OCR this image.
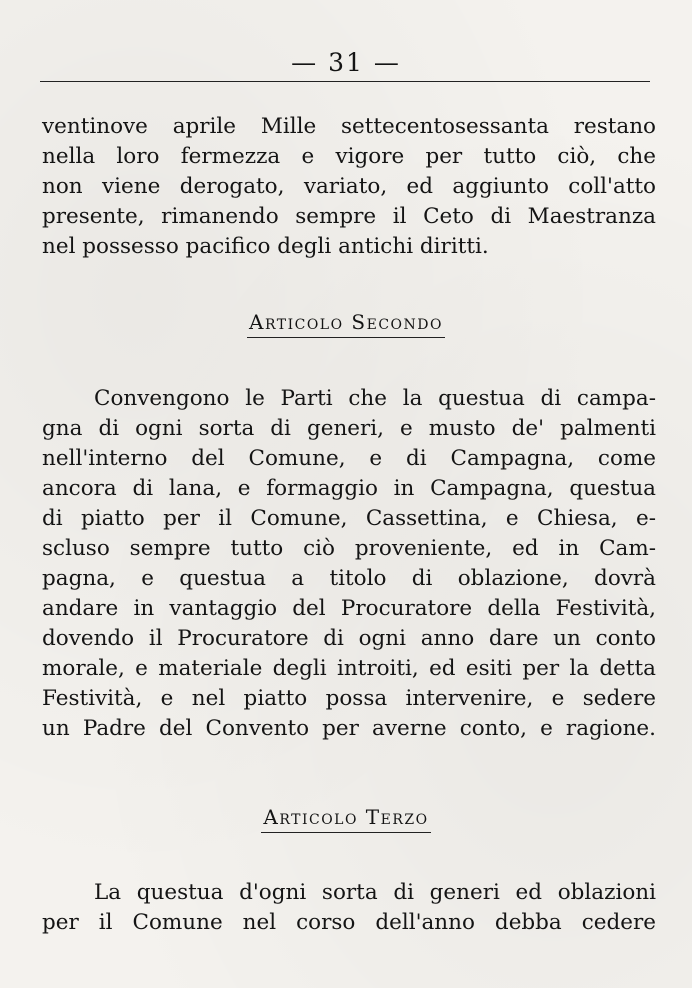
— 31 —
ventinove aprile Mille settecentosessanta restano
nella loro fermezza e vigore per tutto ciò, che
non viene derogato, variato, ed aggiunto coll'atto
presente, rimanendo sempre il Ceto di Maestranza
nel possesso pacifico degli antichi diritti.
Articolo Secondo
Convengono le Parti che la questua di campa-
gna di ogni sorta di generi, e musto de' palmenti
nell'interno del Comune, e di Campagna, come
ancora di lana, e formaggio in Campagna, questua
di piatto per il Comune, Cassettina, e Chiesa, e-
scluso sempre tutto ciò proveniente, ed in Cam-
pagna, e questua a titolo di oblazione, dovrà
andare in vantaggio del Procuratore della Festività,
dovendo il Procuratore di ogni anno dare un conto
morale, e materiale degli introiti, ed esiti per la detta
Festività, e nel piatto possa intervenire, e sedere
un Padre del Convento per averne conto, e ragione.
Articolo Terzo
La questua d'ogni sorta di generi ed oblazioni
per il Comune nel corso dell'anno debba cedere
